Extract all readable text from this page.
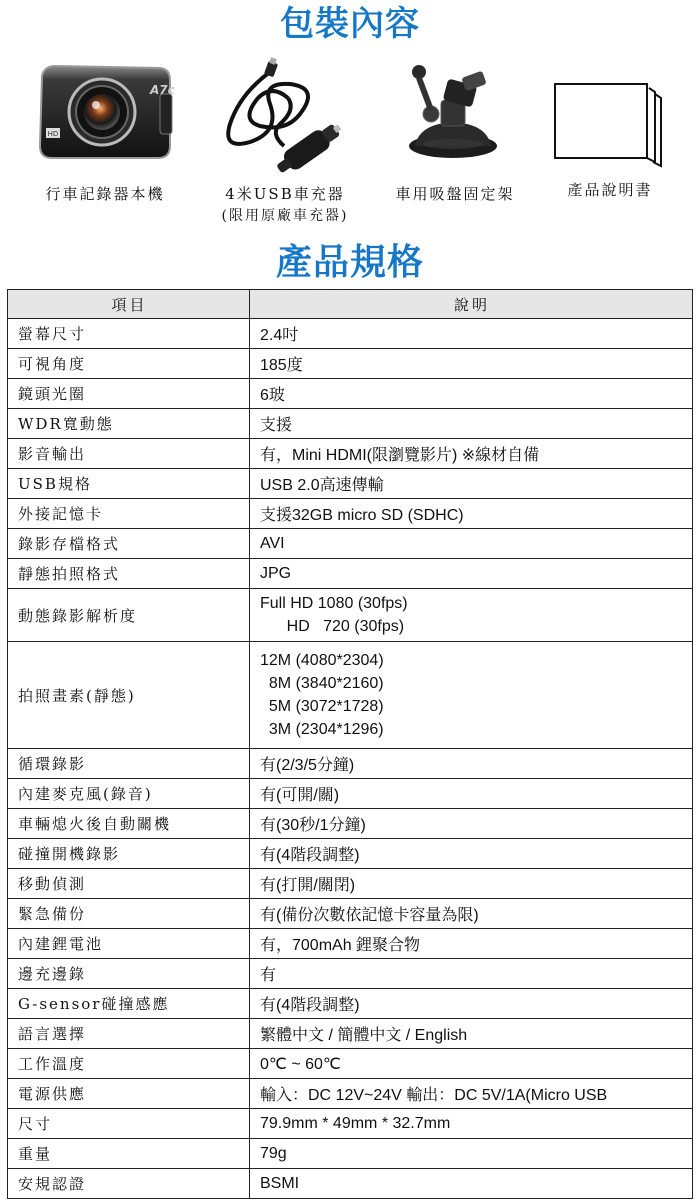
包裝內容
HD
A7c
行車記錄器本機	4米USB車充器
(限用原廠車充器)
車用吸盤固定架	產品說明書
產品規格
項目	說明
螢幕尺寸	2.4吋
可視角度	185度
鏡頭光圈	6玻
WDR寬動態	支援
影音輸出	有，Mini HDMI(限瀏覽影片) ※線材自備
USB規格	USB 2.0高速傳輸
外接記憶卡	支援32GB micro SD (SDHC)
錄影存檔格式	AVI
靜態拍照格式	JPG
動態錄影解析度	Full HD 1080 (30fps)
HD   720 (30fps)
拍照畫素(靜態)	12M (4080*2304)
8M (3840*2160)
5M (3072*1728)
3M (2304*1296)
循環錄影	有(2/3/5分鐘)
內建麥克風(錄音)	有(可開/關)
車輛熄火後自動關機	有(30秒/1分鐘)
碰撞開機錄影	有(4階段調整)
移動偵測	有(打開/關閉)
緊急備份	有(備份次數依記憶卡容量為限)
內建鋰電池	有，700mAh 鋰聚合物
邊充邊錄	有
G-sensor碰撞感應	有(4階段調整)
語言選擇	繁體中文 / 簡體中文 / English
工作溫度	0℃ ~ 60℃
電源供應	輸入：DC 12V~24V 輸出：DC 5V/1A(Micro USB
尺寸	79.9mm * 49mm * 32.7mm
重量	79g
安規認證	BSMI
